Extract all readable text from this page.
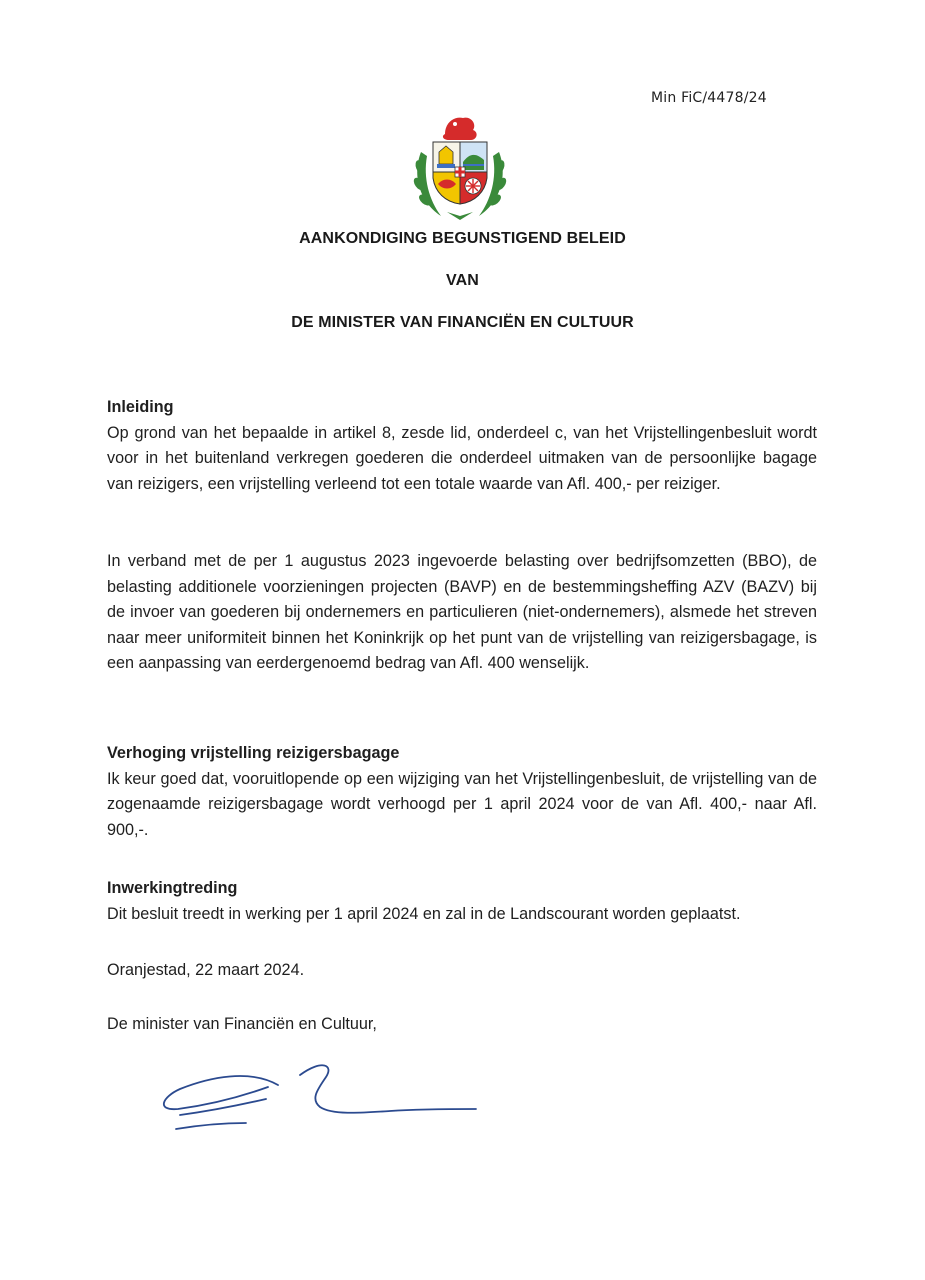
Min FiC/4478/24
AANKONDIGING BEGUNSTIGEND BELEID
VAN
DE MINISTER VAN FINANCIËN EN CULTUUR
Inleiding

Op grond van het bepaalde in artikel 8, zesde lid, onderdeel c, van het Vrijstellingenbesluit wordt voor in het buitenland verkregen goederen die onderdeel uitmaken van de persoonlijke bagage van reizigers, een vrijstelling verleend tot een totale waarde van Afl. 400,- per reiziger.

In verband met de per 1 augustus 2023 ingevoerde belasting over bedrijfsomzetten (BBO), de belasting additionele voorzieningen projecten (BAVP) en de bestemmingsheffing AZV (BAZV) bij de invoer van goederen bij ondernemers en particulieren (niet-ondernemers), alsmede het streven naar meer uniformiteit binnen het Koninkrijk op het punt van de vrijstelling van reizigersbagage, is een aanpassing van eerdergenoemd bedrag van Afl. 400 wenselijk.

Verhoging vrijstelling reizigersbagage

Ik keur goed dat, vooruitlopende op een wijziging van het Vrijstellingenbesluit, de vrijstelling van de zogenaamde reizigersbagage wordt verhoogd per 1 april 2024 voor de van Afl. 400,- naar Afl. 900,-.

Inwerkingtreding

Dit besluit treedt in werking per 1 april 2024 en zal in de Landscourant worden geplaatst.

Oranjestad, 22 maart 2024.
De minister van Financiën en Cultuur,
